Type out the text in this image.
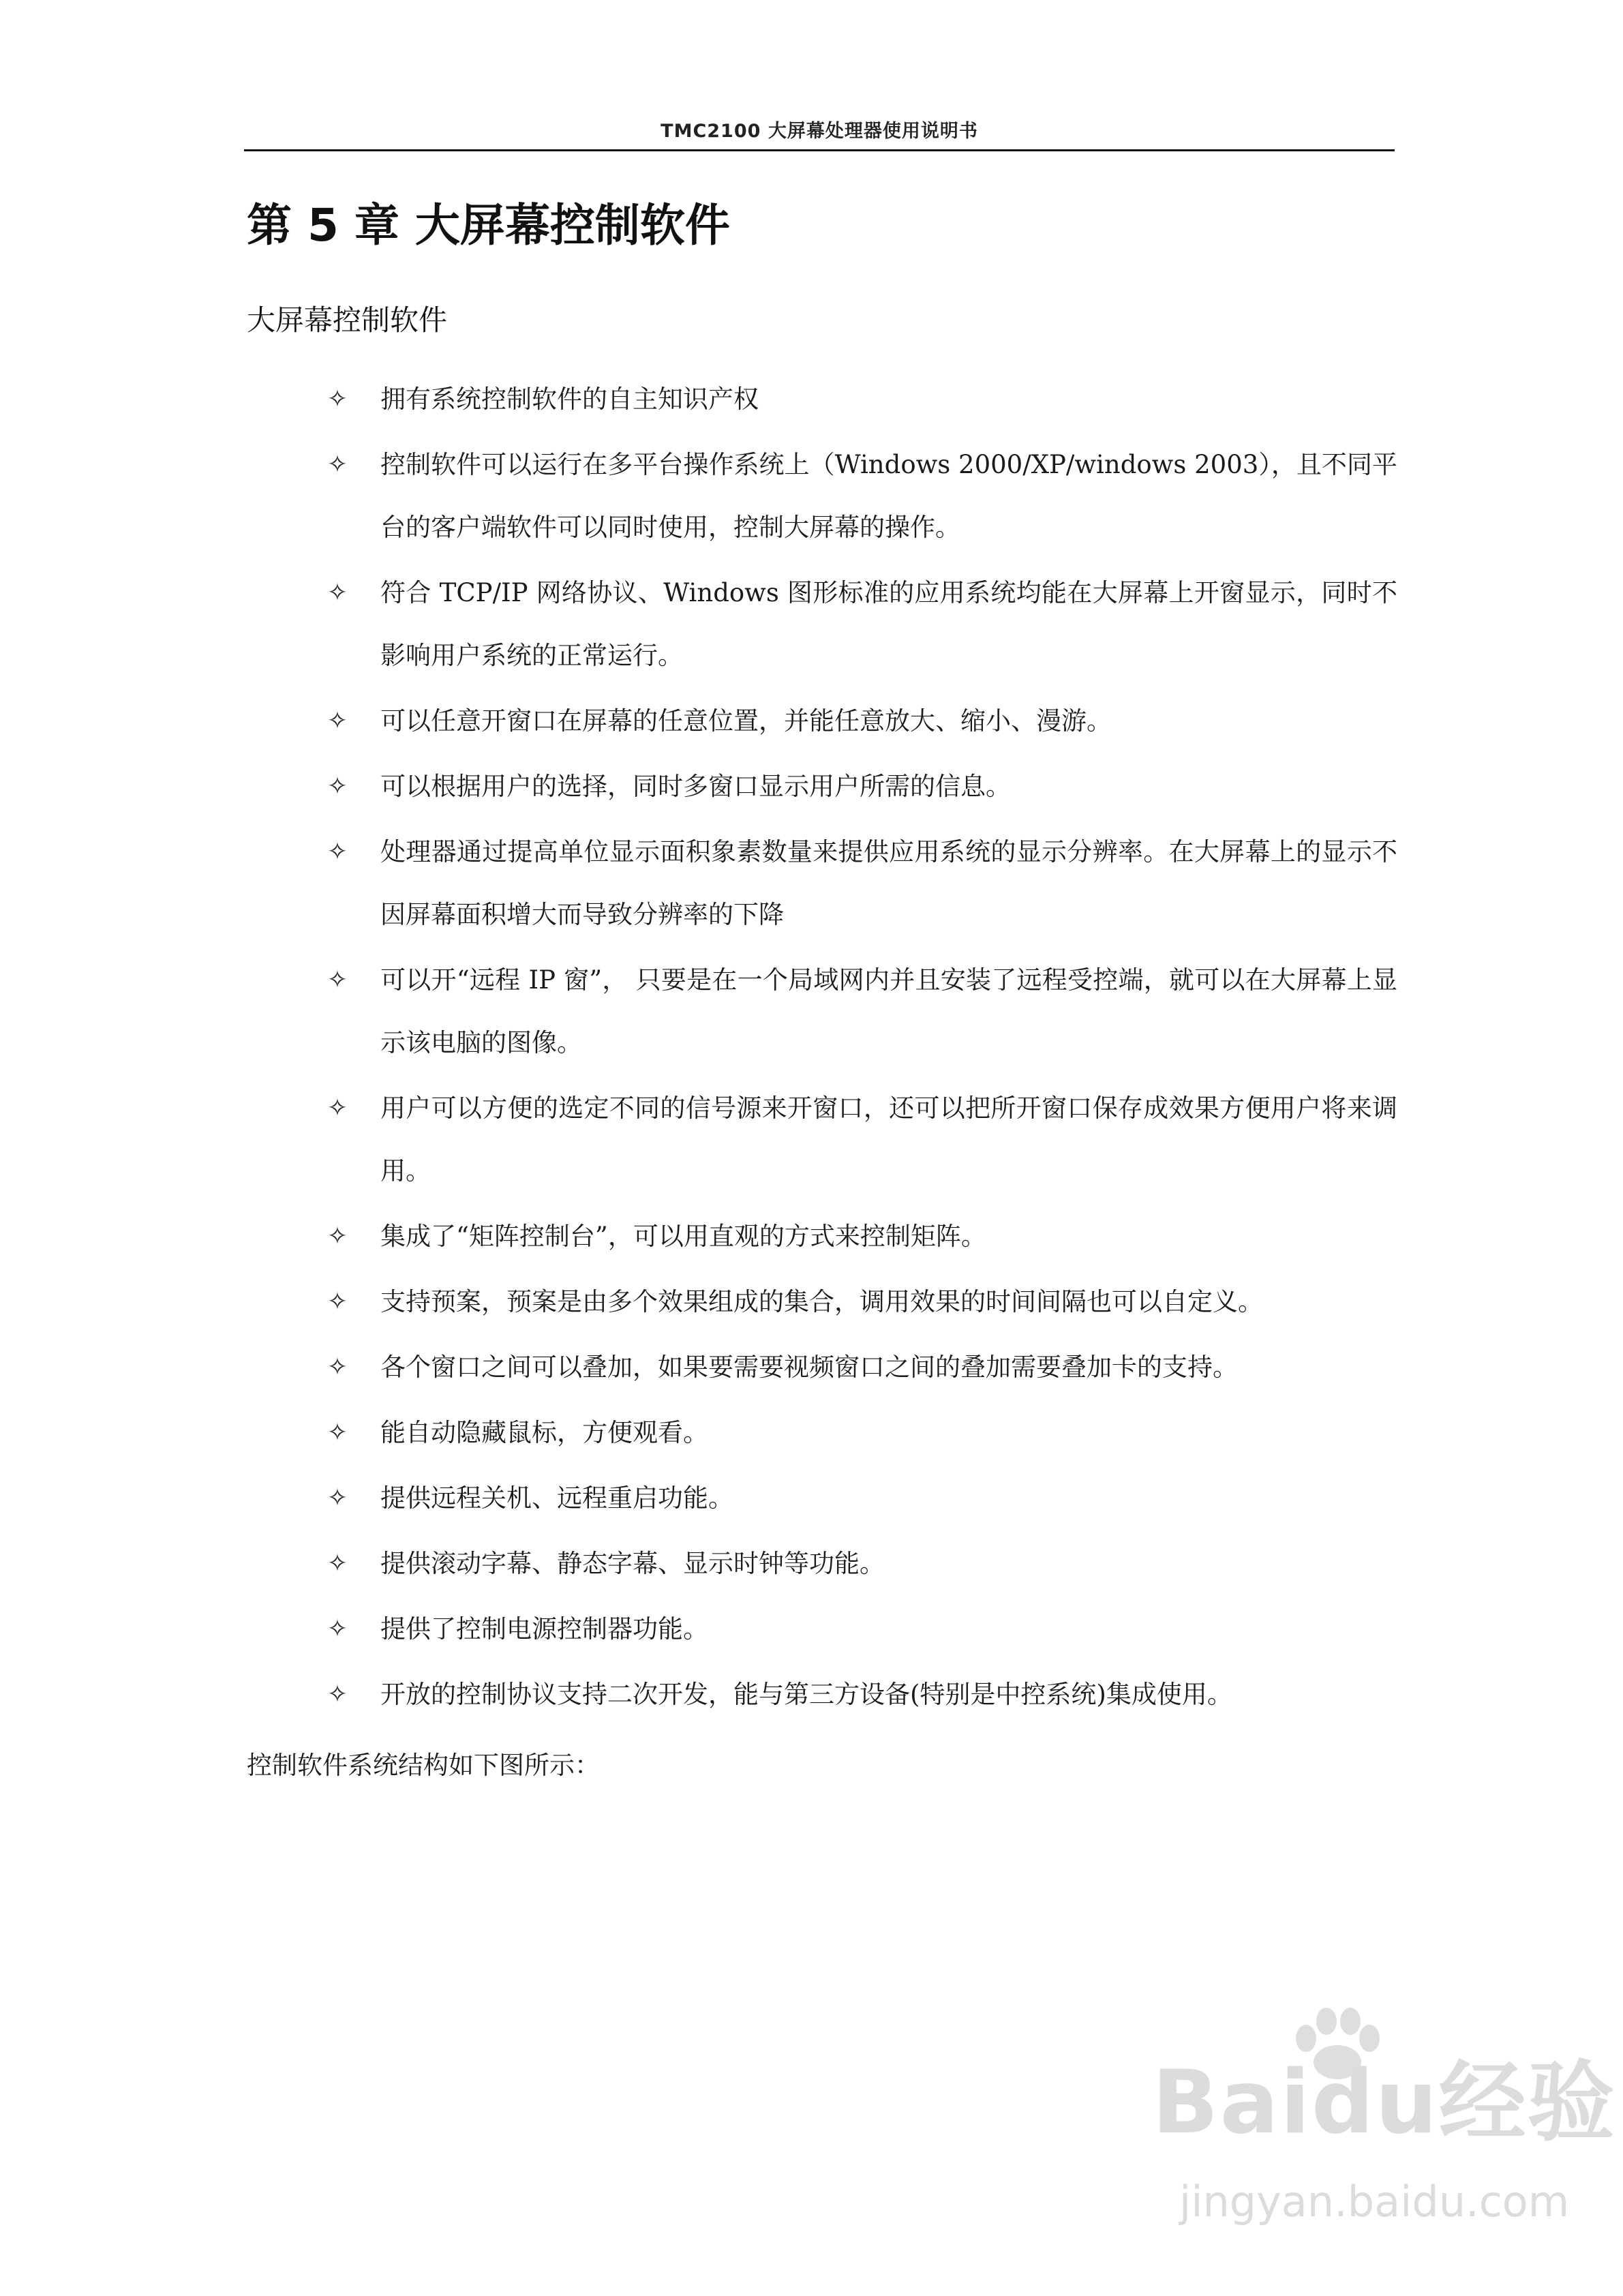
TMC2100 大屏幕处理器使用说明书
第 5 章 大屏幕控制软件
大屏幕控制软件
✧ 拥有系统控制软件的自主知识产权
✧ 控制软件可以运行在多平台操作系统上（Windows 2000/XP/windows 2003），且不同平台的客户端软件可以同时使用，控制大屏幕的操作。
✧ 符合 TCP/IP 网络协议、Windows 图形标准的应用系统均能在大屏幕上开窗显示，同时不影响用户系统的正常运行。
✧ 可以任意开窗口在屏幕的任意位置，并能任意放大、缩小、漫游。
✧ 可以根据用户的选择，同时多窗口显示用户所需的信息。
✧ 处理器通过提高单位显示面积象素数量来提供应用系统的显示分辨率。在大屏幕上的显示不因屏幕面积增大而导致分辨率的下降
✧ 可以开“远程 IP 窗”， 只要是在一个局域网内并且安装了远程受控端，就可以在大屏幕上显示该电脑的图像。
✧ 用户可以方便的选定不同的信号源来开窗口，还可以把所开窗口保存成效果方便用户将来调用。
✧ 集成了“矩阵控制台”，可以用直观的方式来控制矩阵。
✧ 支持预案，预案是由多个效果组成的集合，调用效果的时间间隔也可以自定义。
✧ 各个窗口之间可以叠加，如果要需要视频窗口之间的叠加需要叠加卡的支持。
✧ 能自动隐藏鼠标，方便观看。
✧ 提供远程关机、远程重启功能。
✧ 提供滚动字幕、静态字幕、显示时钟等功能。
✧ 提供了控制电源控制器功能。
✧ 开放的控制协议支持二次开发，能与第三方设备(特别是中控系统)集成使用。
控制软件系统结构如下图所示：
Baidu经验
jingyan.baidu.com
